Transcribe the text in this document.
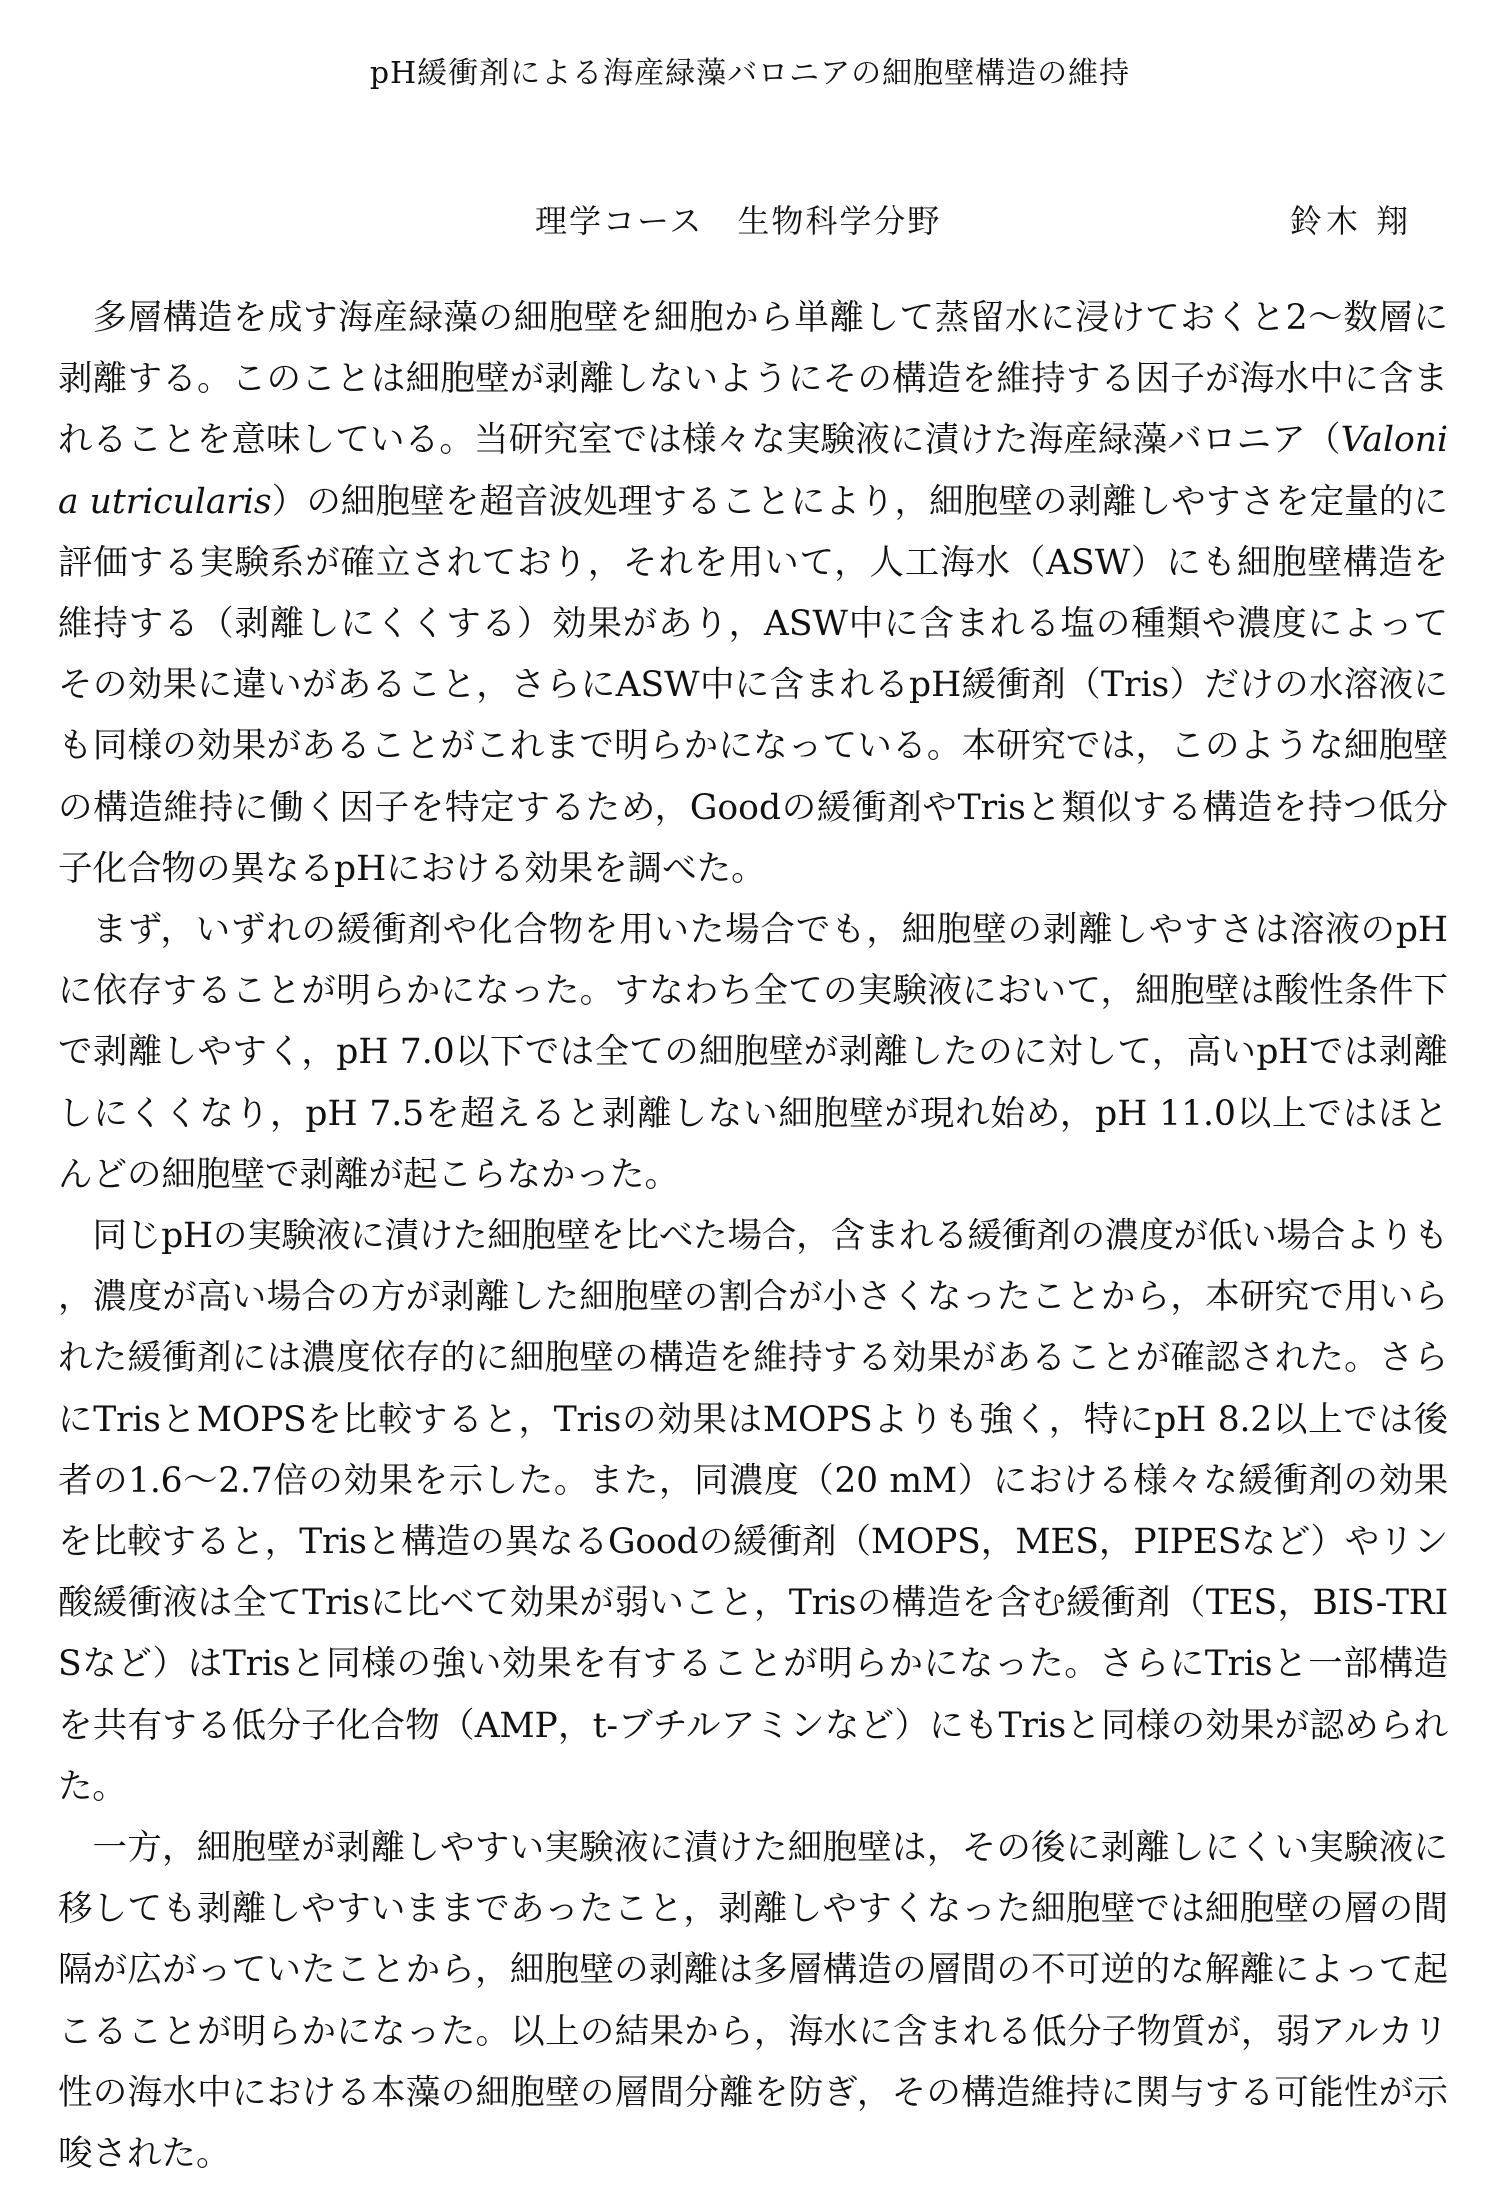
pH緩衝剤による海産緑藻バロニアの細胞壁構造の維持
理学コース　生物科学分野	鈴木 翔

多層構造を成す海産緑藻の細胞壁を細胞から単離して蒸留水に浸けておくと2～数層に剥離する。このことは細胞壁が剥離しないようにその構造を維持する因子が海水中に含まれることを意味している。当研究室では様々な実験液に漬けた海産緑藻バロニア（Valonia utricularis）の細胞壁を超音波処理することにより，細胞壁の剥離しやすさを定量的に評価する実験系が確立されており，それを用いて，人工海水（ASW）にも細胞壁構造を維持する（剥離しにくくする）効果があり，ASW中に含まれる塩の種類や濃度によってその効果に違いがあること，さらにASW中に含まれるpH緩衝剤（Tris）だけの水溶液にも同様の効果があることがこれまで明らかになっている。本研究では，このような細胞壁の構造維持に働く因子を特定するため，Goodの緩衝剤やTrisと類似する構造を持つ低分子化合物の異なるpHにおける効果を調べた。

まず，いずれの緩衝剤や化合物を用いた場合でも，細胞壁の剥離しやすさは溶液のpHに依存することが明らかになった。すなわち全ての実験液において，細胞壁は酸性条件下で剥離しやすく，pH 7.0以下では全ての細胞壁が剥離したのに対して，高いpHでは剥離しにくくなり，pH 7.5を超えると剥離しない細胞壁が現れ始め，pH 11.0以上ではほとんどの細胞壁で剥離が起こらなかった。

同じpHの実験液に漬けた細胞壁を比べた場合，含まれる緩衝剤の濃度が低い場合よりも，濃度が高い場合の方が剥離した細胞壁の割合が小さくなったことから，本研究で用いられた緩衝剤には濃度依存的に細胞壁の構造を維持する効果があることが確認された。さらにTrisとMOPSを比較すると，Trisの効果はMOPSよりも強く，特にpH 8.2以上では後者の1.6～2.7倍の効果を示した。また，同濃度（20 mM）における様々な緩衝剤の効果を比較すると，Trisと構造の異なるGoodの緩衝剤（MOPS，MES，PIPESなど）やリン酸緩衝液は全てTrisに比べて効果が弱いこと，Trisの構造を含む緩衝剤（TES，BIS-TRISなど）はTrisと同様の強い効果を有することが明らかになった。さらにTrisと一部構造を共有する低分子化合物（AMP，t-ブチルアミンなど）にもTrisと同様の効果が認められた。

一方，細胞壁が剥離しやすい実験液に漬けた細胞壁は，その後に剥離しにくい実験液に移しても剥離しやすいままであったこと，剥離しやすくなった細胞壁では細胞壁の層の間隔が広がっていたことから，細胞壁の剥離は多層構造の層間の不可逆的な解離によって起こることが明らかになった。以上の結果から，海水に含まれる低分子物質が，弱アルカリ性の海水中における本藻の細胞壁の層間分離を防ぎ，その構造維持に関与する可能性が示唆された。
